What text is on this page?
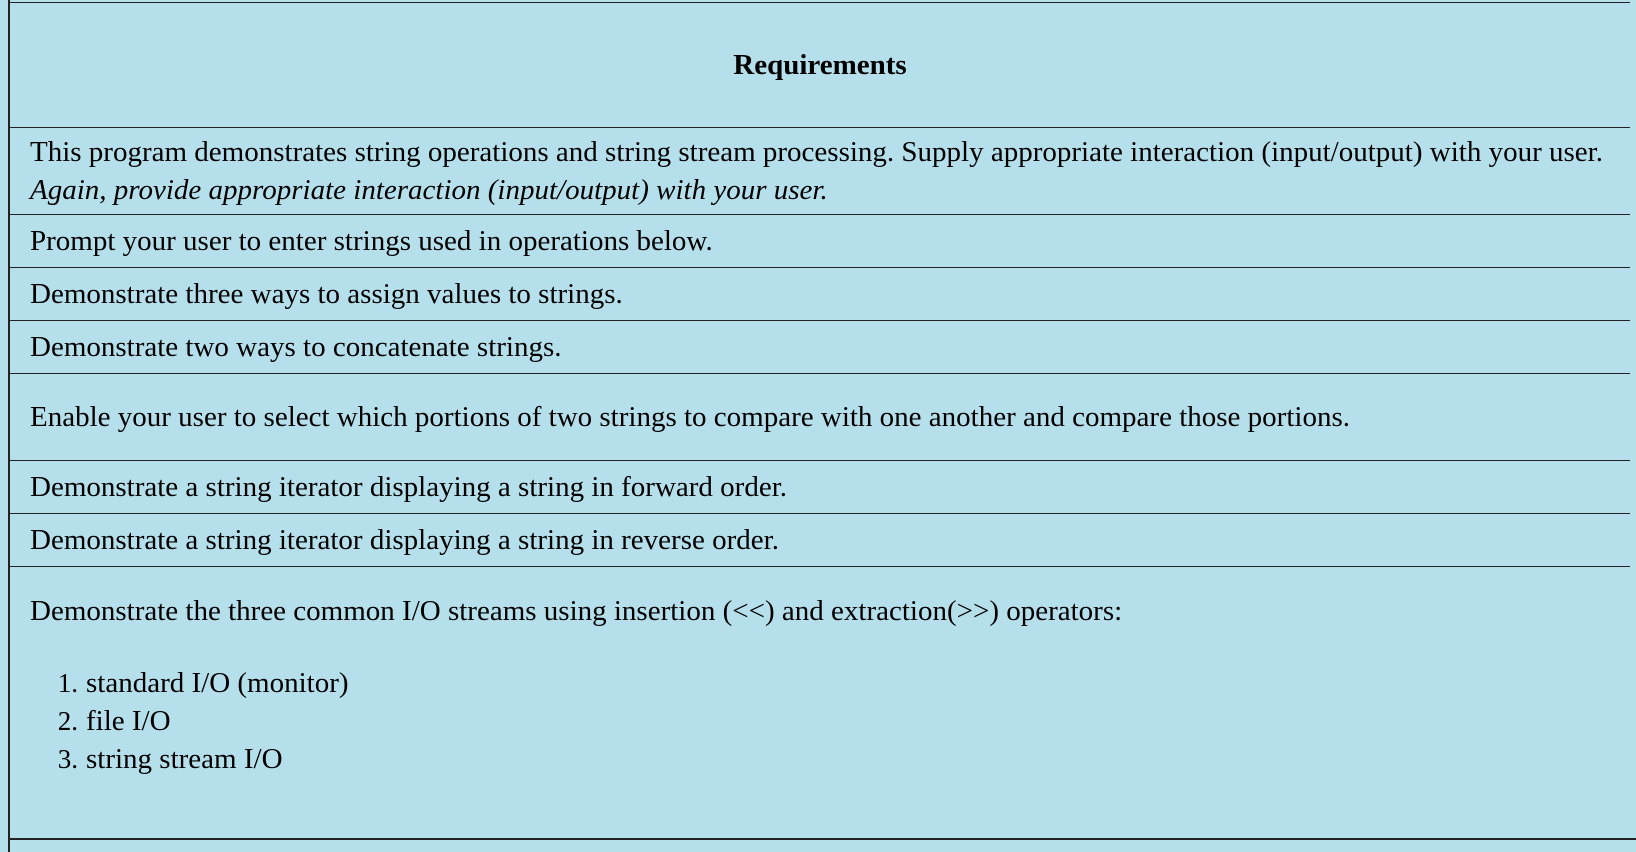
Requirements
This program demonstrates string operations and string stream processing. Supply appropriate interaction (input/output) with your user. Again, provide appropriate interaction (input/output) with your user.
Prompt your user to enter strings used in operations below.
Demonstrate three ways to assign values to strings.
Demonstrate two ways to concatenate strings.
Enable your user to select which portions of two strings to compare with one another and compare those portions.
Demonstrate a string iterator displaying a string in forward order.
Demonstrate a string iterator displaying a string in reverse order.

Demonstrate the three common I/O streams using insertion (<<) and extraction(>>) operators:
standard I/O (monitor)
file I/O
string stream I/O
